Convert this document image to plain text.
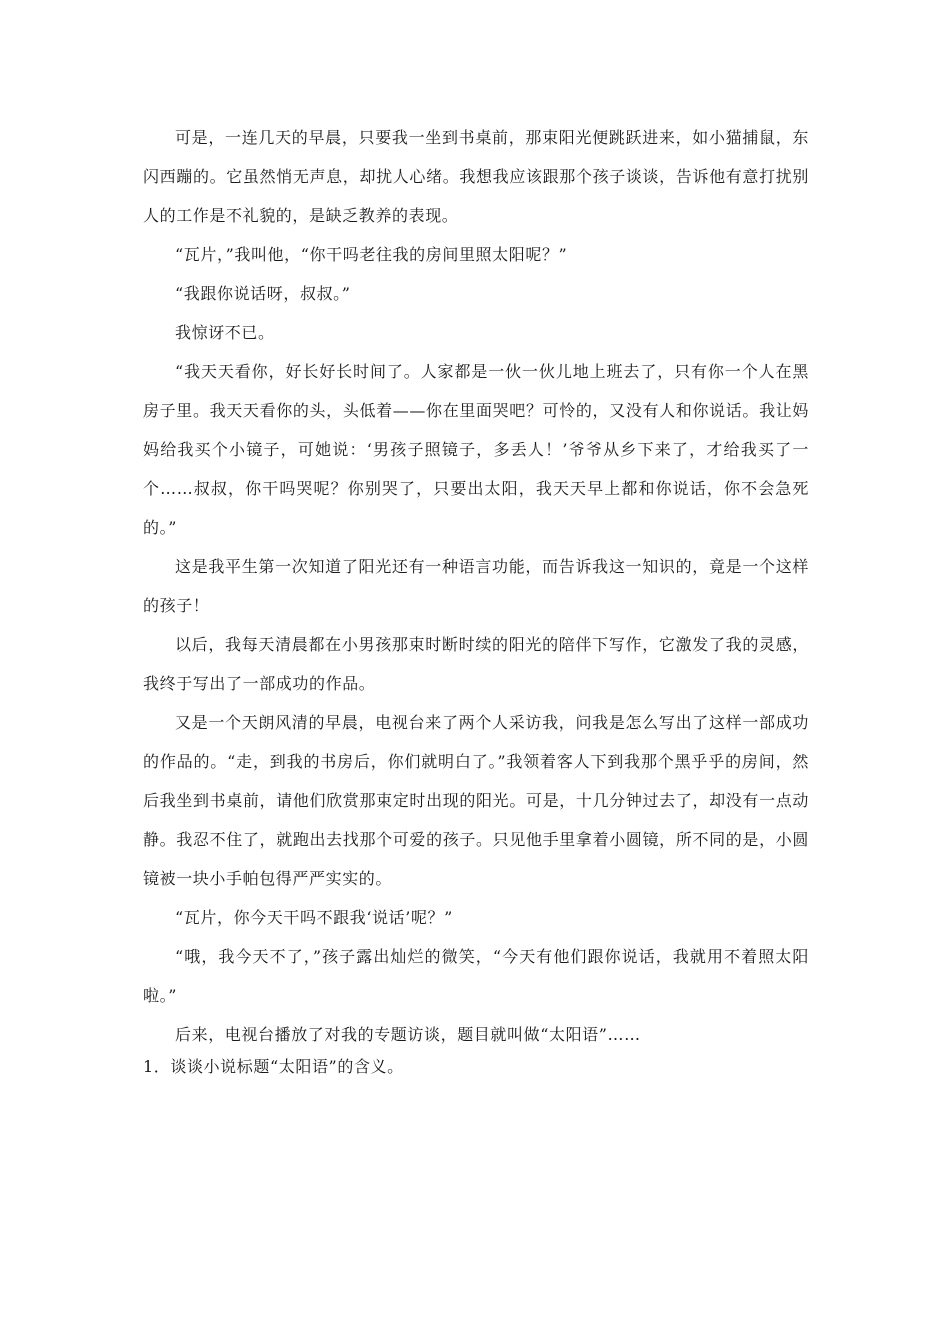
可是，一连几天的早晨，只要我一坐到书桌前，那束阳光便跳跃进来，如小猫捕鼠，东闪西蹦的。它虽然悄无声息，却扰人心绪。我想我应该跟那个孩子谈谈，告诉他有意打扰别人的工作是不礼貌的，是缺乏教养的表现。

“瓦片，”我叫他，“你干吗老往我的房间里照太阳呢？”

“我跟你说话呀，叔叔。”

我惊讶不已。

“我天天看你，好长好长时间了。人家都是一伙一伙儿地上班去了，只有你一个人在黑房子里。我天天看你的头，头低着——你在里面哭吧？可怜的，又没有人和你说话。我让妈妈给我买个小镜子，可她说：‘男孩子照镜子，多丢人！’爷爷从乡下来了，才给我买了一个……叔叔，你干吗哭呢？你别哭了，只要出太阳，我天天早上都和你说话，你不会急死的。”

这是我平生第一次知道了阳光还有一种语言功能，而告诉我这一知识的，竟是一个这样的孩子！

以后，我每天清晨都在小男孩那束时断时续的阳光的陪伴下写作，它激发了我的灵感，我终于写出了一部成功的作品。

又是一个天朗风清的早晨，电视台来了两个人采访我，问我是怎么写出了这样一部成功的作品的。“走，到我的书房后，你们就明白了。”我领着客人下到我那个黑乎乎的房间，然后我坐到书桌前，请他们欣赏那束定时出现的阳光。可是，十几分钟过去了，却没有一点动静。我忍不住了，就跑出去找那个可爱的孩子。只见他手里拿着小圆镜，所不同的是，小圆镜被一块小手帕包得严严实实的。

“瓦片，你今天干吗不跟我‘说话’呢？”

“哦，我今天不了，”孩子露出灿烂的微笑，“今天有他们跟你说话，我就用不着照太阳啦。”

后来，电视台播放了对我的专题访谈，题目就叫做“太阳语”……

1．谈谈小说标题“太阳语”的含义。
